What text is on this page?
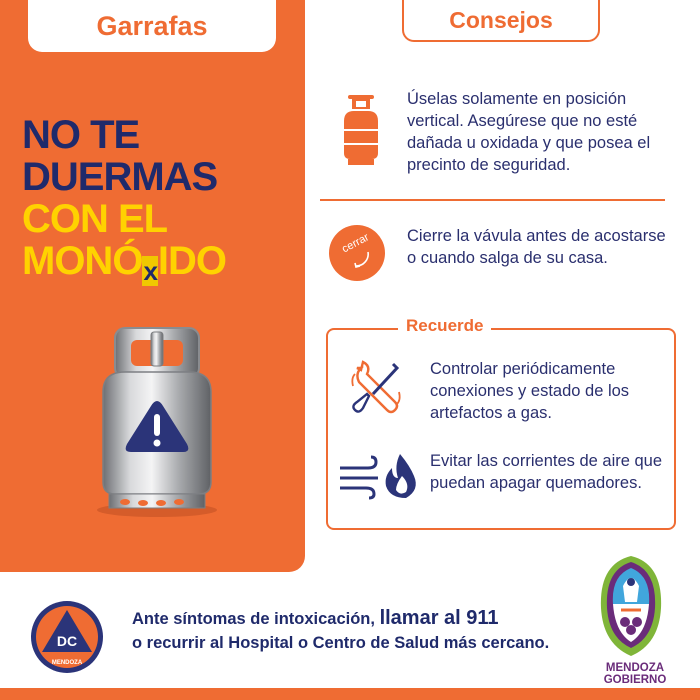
Garrafas
NO TE
DUERMAS
CON EL
MONÓxIDO
Consejos
Úselas solamente en posición vertical. Asegúrese que no esté dañada u oxidada y que posea el precinto de seguridad.
cerrar Cierre la vávula antes de acostarse o cuando salga de su casa.
Recuerde
Controlar periódicamente conexiones y estado de los artefactos a gas.
Evitar las corrientes de aire que puedan apagar quemadores.
DC
MENDOZA
Ante síntomas de intoxicación, llamar al 911
o recurrir al Hospital o Centro de Salud más cercano.
MENDOZA
GOBIERNO
